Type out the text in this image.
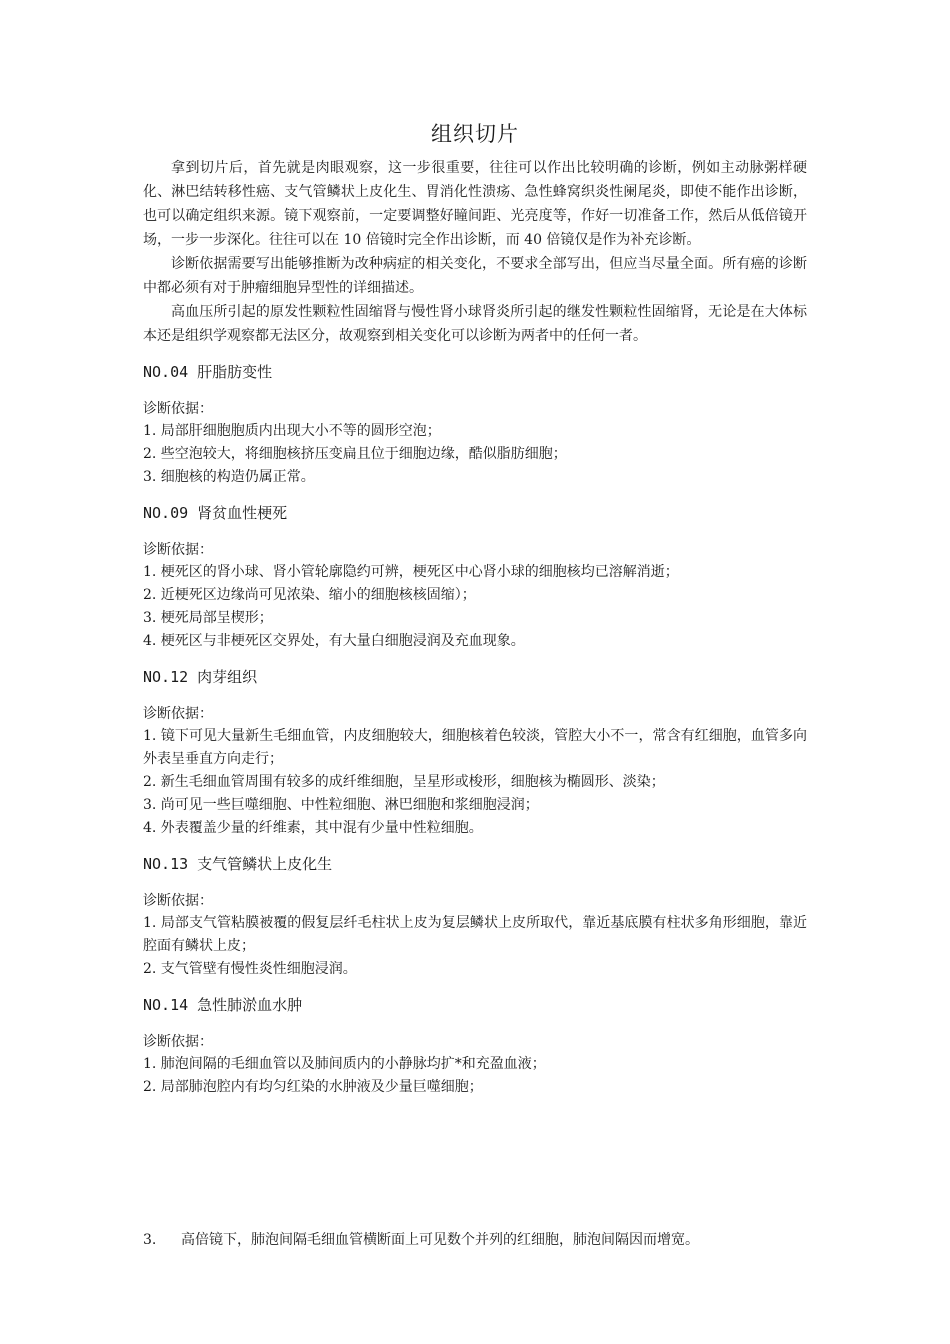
组织切片

拿到切片后，首先就是肉眼观察，这一步很重要，往往可以作出比较明确的诊断，例如主动脉粥样硬化、淋巴结转移性癌、支气管鳞状上皮化生、胃消化性溃疡、急性蜂窝织炎性阑尾炎，即使不能作出诊断，也可以确定组织来源。镜下观察前，一定要调整好瞳间距、光亮度等，作好一切准备工作，然后从低倍镜开场，一步一步深化。往往可以在 10 倍镜时完全作出诊断，而 40 倍镜仅是作为补充诊断。

诊断依据需要写出能够推断为改种病症的相关变化，不要求全部写出，但应当尽量全面。所有癌的诊断中都必须有对于肿瘤细胞异型性的详细描述。

高血压所引起的原发性颗粒性固缩肾与慢性肾小球肾炎所引起的继发性颗粒性固缩肾，无论是在大体标本还是组织学观察都无法区分，故观察到相关变化可以诊断为两者中的任何一者。

NO.04 肝脂肪变性
诊断依据：
1. 局部肝细胞胞质内出现大小不等的圆形空泡；
2. 些空泡较大，将细胞核挤压变扁且位于细胞边缘，酷似脂肪细胞；
3. 细胞核的构造仍属正常。
NO.09 肾贫血性梗死
诊断依据：
1. 梗死区的肾小球、肾小管轮廓隐约可辨，梗死区中心肾小球的细胞核均已溶解消逝；
2. 近梗死区边缘尚可见浓染、缩小的细胞核核固缩）；
3. 梗死局部呈楔形；
4. 梗死区与非梗死区交界处，有大量白细胞浸润及充血现象。
NO.12 肉芽组织
诊断依据：
1. 镜下可见大量新生毛细血管，内皮细胞较大，细胞核着色较淡，管腔大小不一，常含有红细胞，血管多向外表呈垂直方向走行；
2. 新生毛细血管周围有较多的成纤维细胞，呈星形或梭形，细胞核为椭圆形、淡染；
3. 尚可见一些巨噬细胞、中性粒细胞、淋巴细胞和浆细胞浸润；
4. 外表覆盖少量的纤维素，其中混有少量中性粒细胞。
NO.13 支气管鳞状上皮化生
诊断依据：
1. 局部支气管粘膜被覆的假复层纤毛柱状上皮为复层鳞状上皮所取代，靠近基底膜有柱状多角形细胞，靠近腔面有鳞状上皮；
2. 支气管壁有慢性炎性细胞浸润。
NO.14 急性肺淤血水肿
诊断依据：
1. 肺泡间隔的毛细血管以及肺间质内的小静脉均扩*和充盈血液；
2. 局部肺泡腔内有均匀红染的水肿液及少量巨噬细胞；
3. 高倍镜下，肺泡间隔毛细血管横断面上可见数个并列的红细胞，肺泡间隔因而增宽。
